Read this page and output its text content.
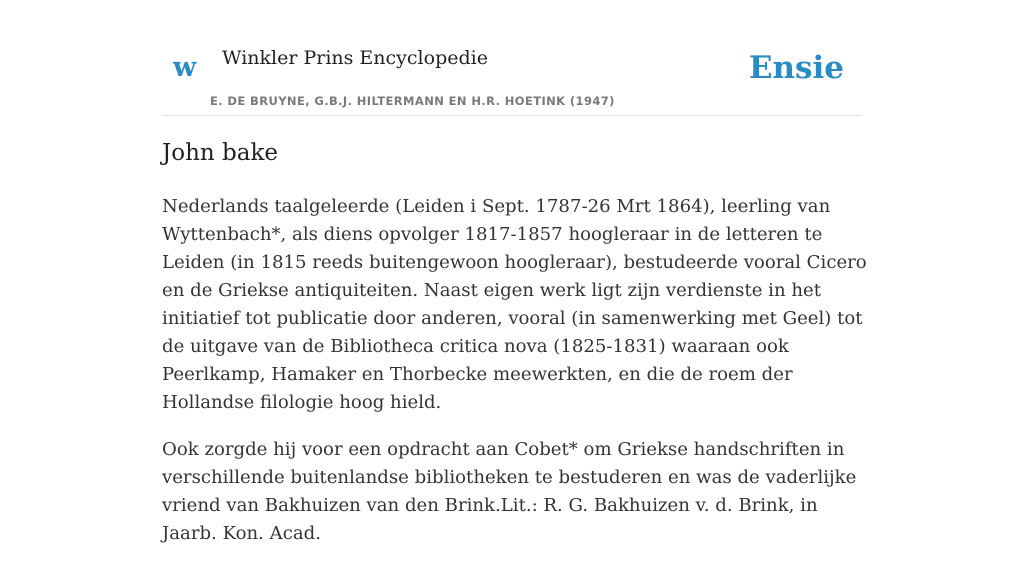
w Winkler Prins Encyclopedie
E. DE BRUYNE, G.B.J. HILTERMANN EN H.R. HOETINK (1947)
Ensie
John bake

Nederlands taalgeleerde (Leiden i Sept. 1787-26 Mrt 1864), leerling van Wyttenbach*, als diens opvolger 1817-1857 hoogleraar in de letteren te Leiden (in 1815 reeds buitengewoon hoogleraar), bestudeerde vooral Cicero en de Griekse antiquiteiten. Naast eigen werk ligt zijn verdienste in het initiatief tot publicatie door anderen, vooral (in samenwerking met Geel) tot de uitgave van de Bibliotheca critica nova (1825-1831) waaraan ook Peerlkamp, Hamaker en Thorbecke meewerkten, en die de roem der Hollandse filologie hoog hield.

Ook zorgde hij voor een opdracht aan Cobet* om Griekse handschriften in verschillende buitenlandse bibliotheken te bestuderen en was de vaderlijke vriend van Bakhuizen van den Brink.Lit.: R. G. Bakhuizen v. d. Brink, in Jaarb. Kon. Acad.
